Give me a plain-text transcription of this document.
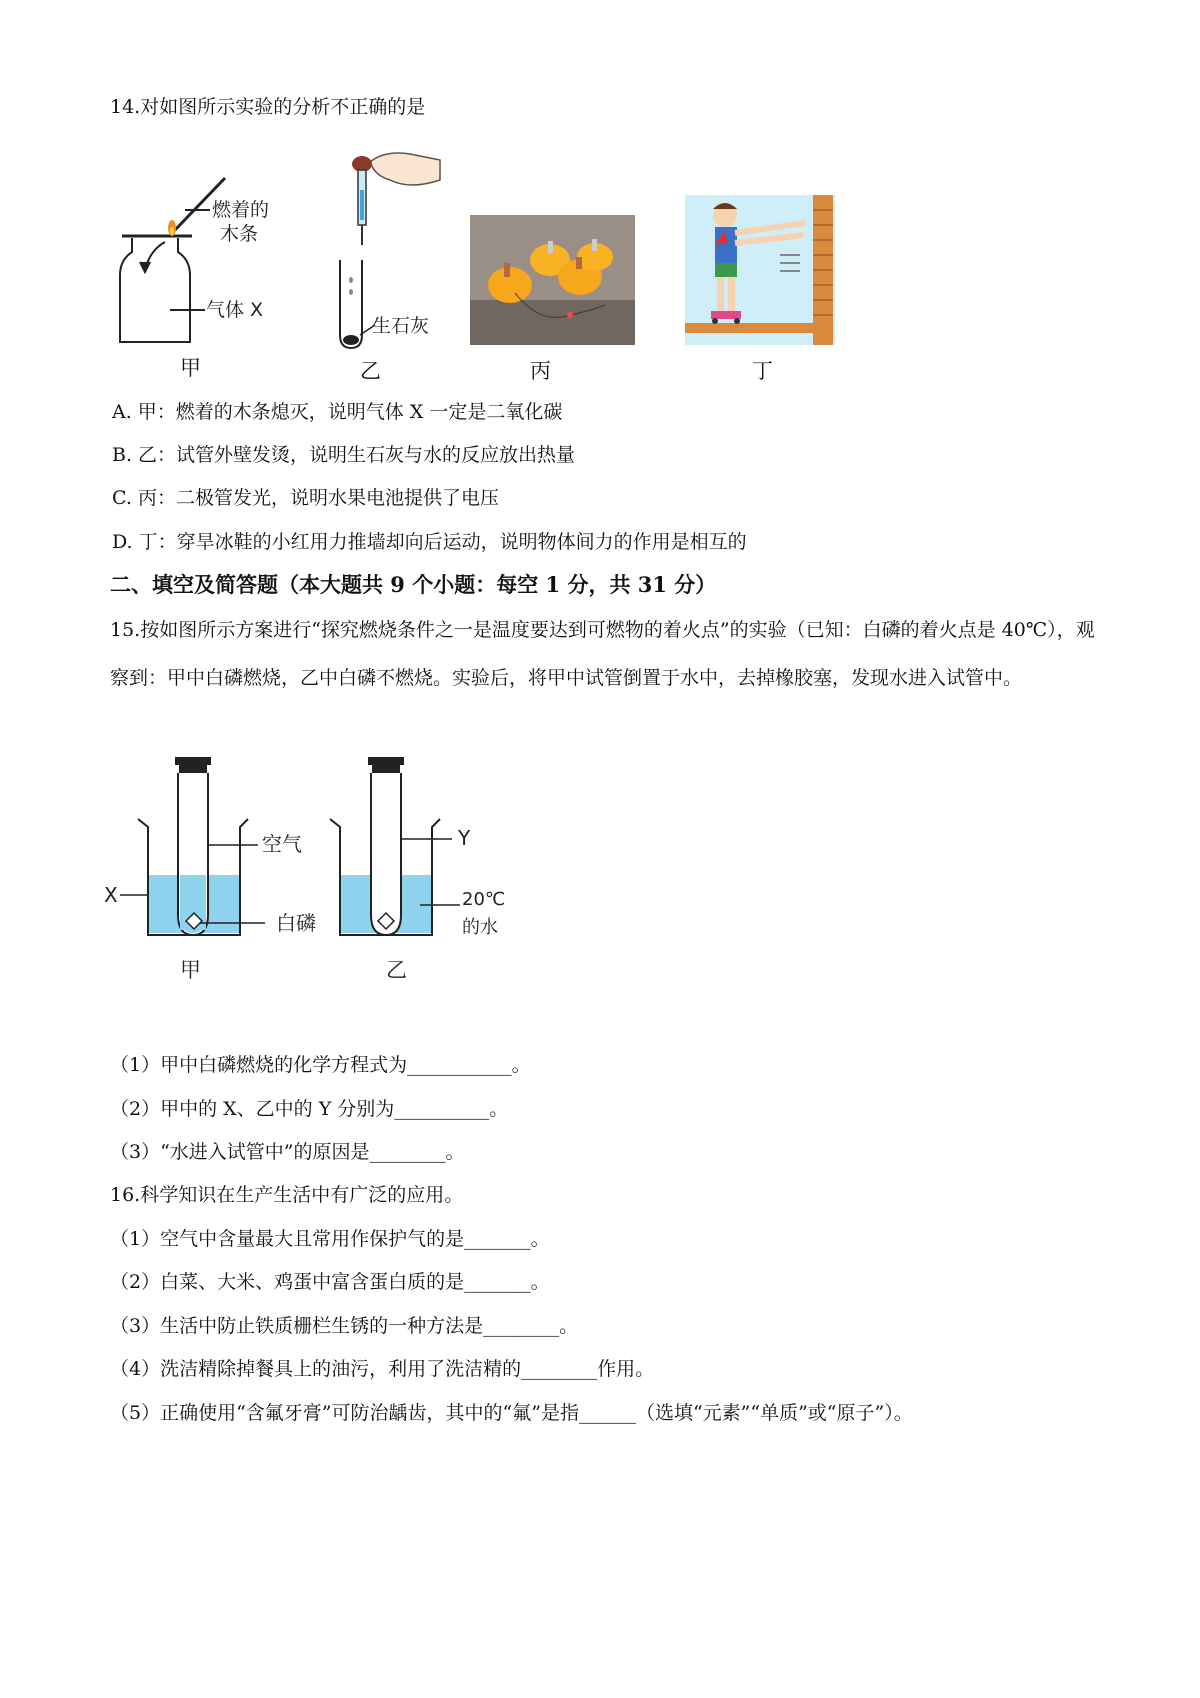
14.对如图所示实验的分析不正确的是
燃着的
木条
气体 X
甲
生石灰
乙	丙	丁
A. 甲：燃着的木条熄灭，说明气体 X 一定是二氧化碳
B. 乙：试管外壁发烫，说明生石灰与水的反应放出热量
C. 丙：二极管发光，说明水果电池提供了电压
D. 丁：穿旱冰鞋的小红用力推墙却向后运动，说明物体间力的作用是相互的
二、填空及简答题（本大题共 9 个小题：每空 1 分，共 31 分）
15.按如图所示方案进行“探究燃烧条件之一是温度要达到可燃物的着火点”的实验（已知：白磷的着火点是 40℃），观察到：甲中白磷燃烧，乙中白磷不燃烧。实验后，将甲中试管倒置于水中，去掉橡胶塞，发现水进入试管中。
空气
X
白磷
Y
20℃
的水
甲	乙
（1）甲中白磷燃烧的化学方程式为___________。
（2）甲中的 X、乙中的 Y 分别为__________。
（3）“水进入试管中”的原因是________。
16.科学知识在生产生活中有广泛的应用。
（1）空气中含量最大且常用作保护气的是_______。
（2）白菜、大米、鸡蛋中富含蛋白质的是_______。
（3）生活中防止铁质栅栏生锈的一种方法是________。
（4）洗洁精除掉餐具上的油污，利用了洗洁精的________作用。
（5）正确使用“含氟牙膏”可防治龋齿，其中的“氟”是指______（选填“元素”“单质”或“原子”）。
